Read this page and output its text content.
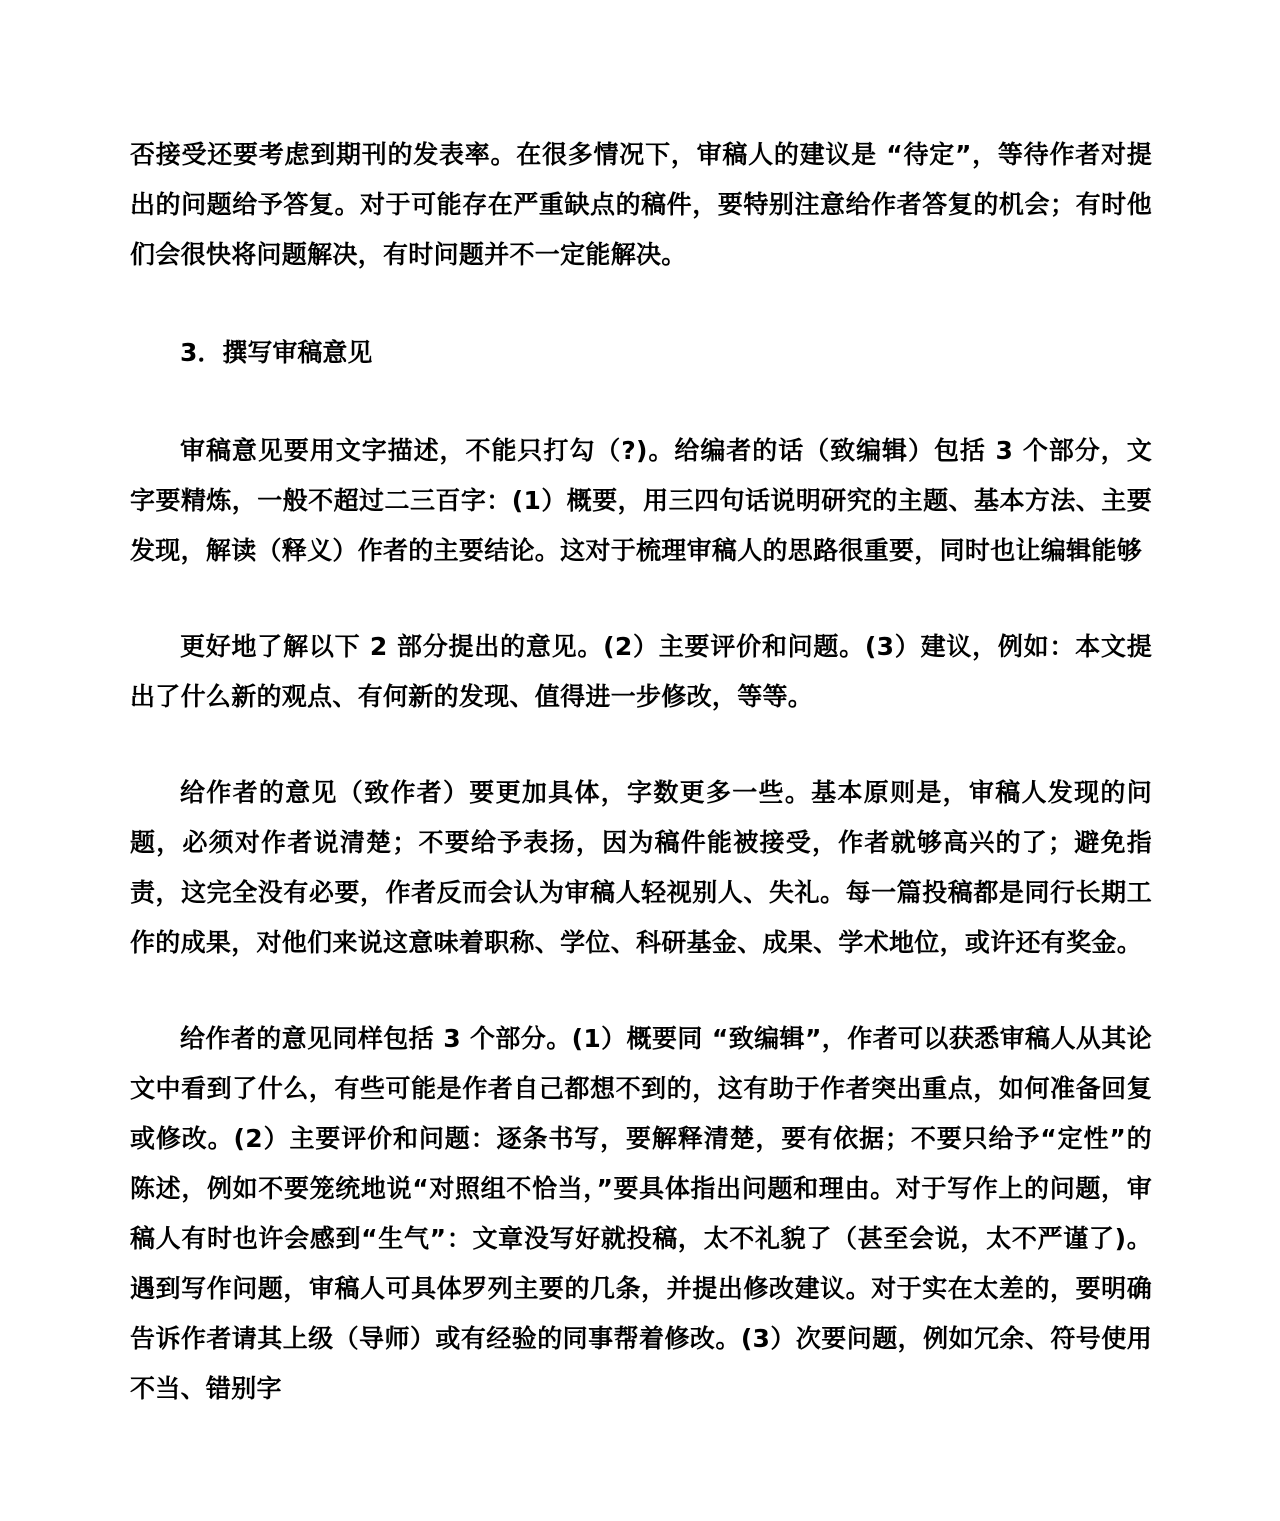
否接受还要考虑到期刊的发表率。在很多情况下，审稿人的建议是 “待定”，等待作者对提出的问题给予答复。对于可能存在严重缺点的稿件，要特别注意给作者答复的机会；有时他们会很快将问题解决，有时问题并不一定能解决。

3．撰写审稿意见

审稿意见要用文字描述，不能只打勾（?)。给编者的话（致编辑）包括 3 个部分，文字要精炼，一般不超过二三百字：(1）概要，用三四句话说明研究的主题、基本方法、主要发现，解读（释义）作者的主要结论。这对于梳理审稿人的思路很重要，同时也让编辑能够

更好地了解以下 2 部分提出的意见。(2）主要评价和问题。(3）建议，例如：本文提出了什么新的观点、有何新的发现、值得进一步修改，等等。

给作者的意见（致作者）要更加具体，字数更多一些。基本原则是，审稿人发现的问题，必须对作者说清楚；不要给予表扬，因为稿件能被接受，作者就够高兴的了；避免指责，这完全没有必要，作者反而会认为审稿人轻视别人、失礼。每一篇投稿都是同行长期工作的成果，对他们来说这意味着职称、学位、科研基金、成果、学术地位，或许还有奖金。

给作者的意见同样包括 3 个部分。(1）概要同 “致编辑”，作者可以获悉审稿人从其论文中看到了什么，有些可能是作者自己都想不到的，这有助于作者突出重点，如何准备回复或修改。(2）主要评价和问题：逐条书写，要解释清楚，要有依据；不要只给予“定性”的陈述，例如不要笼统地说“对照组不恰当，”要具体指出问题和理由。对于写作上的问题，审稿人有时也许会感到“生气”：文章没写好就投稿，太不礼貌了（甚至会说，太不严谨了)。 遇到写作问题，审稿人可具体罗列主要的几条，并提出修改建议。对于实在太差的，要明确告诉作者请其上级（导师）或有经验的同事帮着修改。(3）次要问题，例如冗余、符号使用不当、错别字
